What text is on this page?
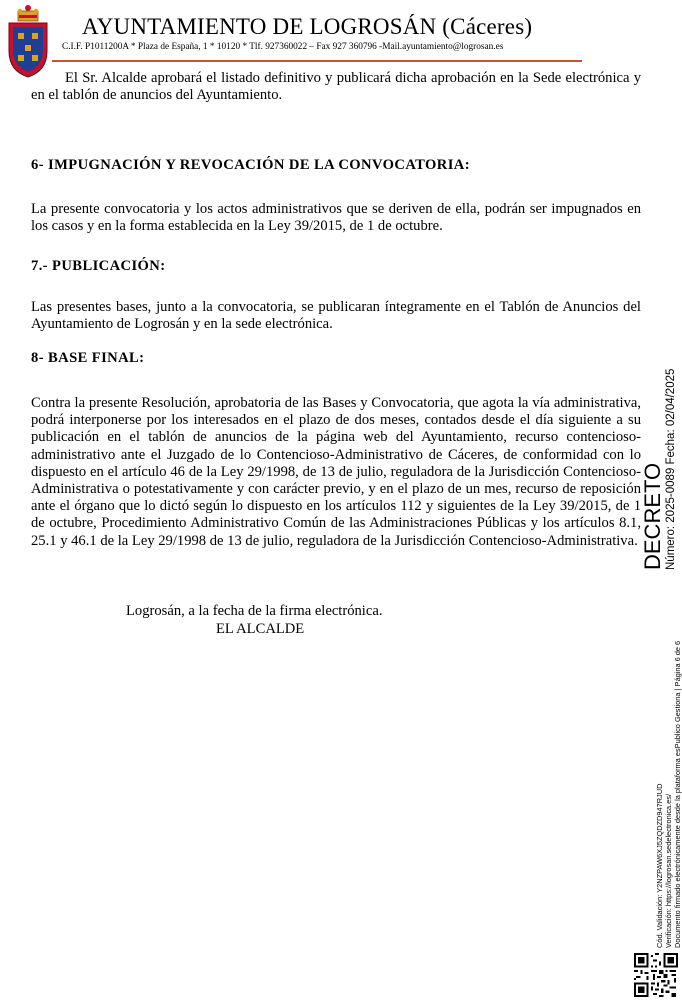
AYUNTAMIENTO DE LOGROSÁN (Cáceres)
C.I.F. P1011200A * Plaza de España, 1 * 10120 * Tlf. 927360022 – Fax 927 360796 -Mail.ayuntamiento@logrosan.es
El Sr. Alcalde aprobará el listado definitivo y publicará dicha aprobación en la Sede electrónica y en el tablón de anuncios del Ayuntamiento.
6- IMPUGNACIÓN Y REVOCACIÓN DE LA CONVOCATORIA:
La presente convocatoria y los actos administrativos que se deriven de ella, podrán ser impugnados en los casos y en la forma establecida en la Ley 39/2015, de 1 de octubre.
7.- PUBLICACIÓN:
Las presentes bases, junto a la convocatoria, se publicaran íntegramente en el Tablón de Anuncios del Ayuntamiento de Logrosán y en la sede electrónica.
8- BASE FINAL:
Contra la presente Resolución, aprobatoria de las Bases y Convocatoria, que agota la vía administrativa, podrá interponerse por los interesados en el plazo de dos meses, contados desde el día siguiente a su publicación en el tablón de anuncios de la página web del Ayuntamiento, recurso contencioso-administrativo ante el Juzgado de lo Contencioso-Administrativo de Cáceres, de conformidad con lo dispuesto en el artículo 46 de la Ley 29/1998, de 13 de julio, reguladora de la Jurisdicción Contencioso-Administrativa o potestativamente y con carácter previo, y en el plazo de un mes, recurso de reposición ante el órgano que lo dictó según lo dispuesto en los artículos 112 y siguientes de la Ley 39/2015, de 1 de octubre, Procedimiento Administrativo Común de las Administraciones Públicas y los artículos 8.1, 25.1 y 46.1 de la Ley 29/1998 de 13 de julio, reguladora de la Jurisdicción Contencioso-Administrativa.
Logrosán, a la fecha de la firma electrónica.
EL ALCALDE
DECRETO Número: 2025-0089 Fecha: 02/04/2025
Cód. Validación: Y2NZPAW6XJ5ZQDZD947RJUD Verificación: https://logrosan.sedelectronica.es/ Documento firmado electrónicamente desde la plataforma esPublico Gestiona | Página 6 de 6
